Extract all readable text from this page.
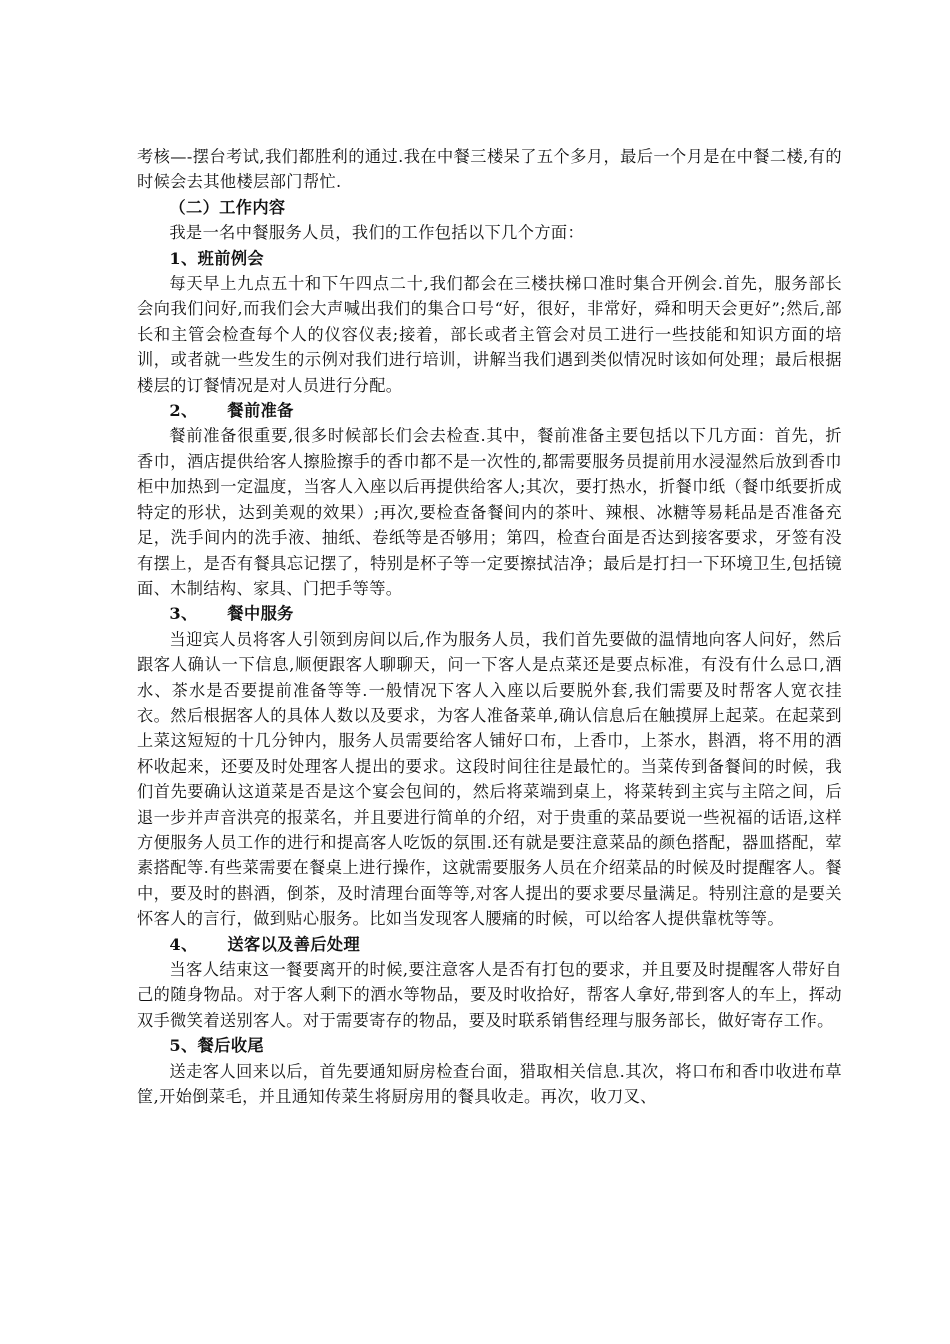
考核—-摆台考试,我们都胜利的通过.我在中餐三楼呆了五个多月，最后一个月是在中餐二楼,有的时候会去其他楼层部门帮忙.

（二）工作内容

我是一名中餐服务人员，我们的工作包括以下几个方面：

1、班前例会

每天早上九点五十和下午四点二十,我们都会在三楼扶梯口准时集合开例会.首先，服务部长会向我们问好,而我们会大声喊出我们的集合口号“好，很好，非常好，舜和明天会更好”;然后,部长和主管会检查每个人的仪容仪表;接着，部长或者主管会对员工进行一些技能和知识方面的培训，或者就一些发生的示例对我们进行培训，讲解当我们遇到类似情况时该如何处理；最后根据楼层的订餐情况是对人员进行分配。

2、 餐前准备

餐前准备很重要,很多时候部长们会去检查.其中，餐前准备主要包括以下几方面：首先，折香巾，酒店提供给客人擦脸擦手的香巾都不是一次性的,都需要服务员提前用水浸湿然后放到香巾柜中加热到一定温度，当客人入座以后再提供给客人;其次，要打热水，折餐巾纸（餐巾纸要折成特定的形状，达到美观的效果）;再次,要检查备餐间内的茶叶、辣根、冰糖等易耗品是否准备充足，洗手间内的洗手液、抽纸、卷纸等是否够用；第四，检查台面是否达到接客要求，牙签有没有摆上，是否有餐具忘记摆了，特别是杯子等一定要擦拭洁净；最后是打扫一下环境卫生,包括镜面、木制结构、家具、门把手等等。

3、 餐中服务

当迎宾人员将客人引领到房间以后,作为服务人员，我们首先要做的温情地向客人问好，然后跟客人确认一下信息,顺便跟客人聊聊天，问一下客人是点菜还是要点标准，有没有什么忌口,酒水、茶水是否要提前准备等等.一般情况下客人入座以后要脱外套,我们需要及时帮客人宽衣挂衣。然后根据客人的具体人数以及要求，为客人准备菜单,确认信息后在触摸屏上起菜。在起菜到上菜这短短的十几分钟内，服务人员需要给客人铺好口布，上香巾，上茶水，斟酒，将不用的酒杯收起来，还要及时处理客人提出的要求。这段时间往往是最忙的。当菜传到备餐间的时候，我们首先要确认这道菜是否是这个宴会包间的，然后将菜端到桌上，将菜转到主宾与主陪之间，后退一步并声音洪亮的报菜名，并且要进行简单的介绍，对于贵重的菜品要说一些祝福的话语,这样方便服务人员工作的进行和提高客人吃饭的氛围.还有就是要注意菜品的颜色搭配，器皿搭配，荤素搭配等.有些菜需要在餐桌上进行操作，这就需要服务人员在介绍菜品的时候及时提醒客人。餐中，要及时的斟酒，倒茶，及时清理台面等等,对客人提出的要求要尽量满足。特别注意的是要关怀客人的言行，做到贴心服务。比如当发现客人腰痛的时候，可以给客人提供靠枕等等。

4、 送客以及善后处理

当客人结束这一餐要离开的时候,要注意客人是否有打包的要求，并且要及时提醒客人带好自己的随身物品。对于客人剩下的酒水等物品，要及时收拾好，帮客人拿好,带到客人的车上，挥动双手微笑着送别客人。对于需要寄存的物品，要及时联系销售经理与服务部长，做好寄存工作。

5、餐后收尾

送走客人回来以后，首先要通知厨房检查台面，猎取相关信息.其次，将口布和香巾收进布草筐,开始倒菜毛，并且通知传菜生将厨房用的餐具收走。再次，收刀叉、
